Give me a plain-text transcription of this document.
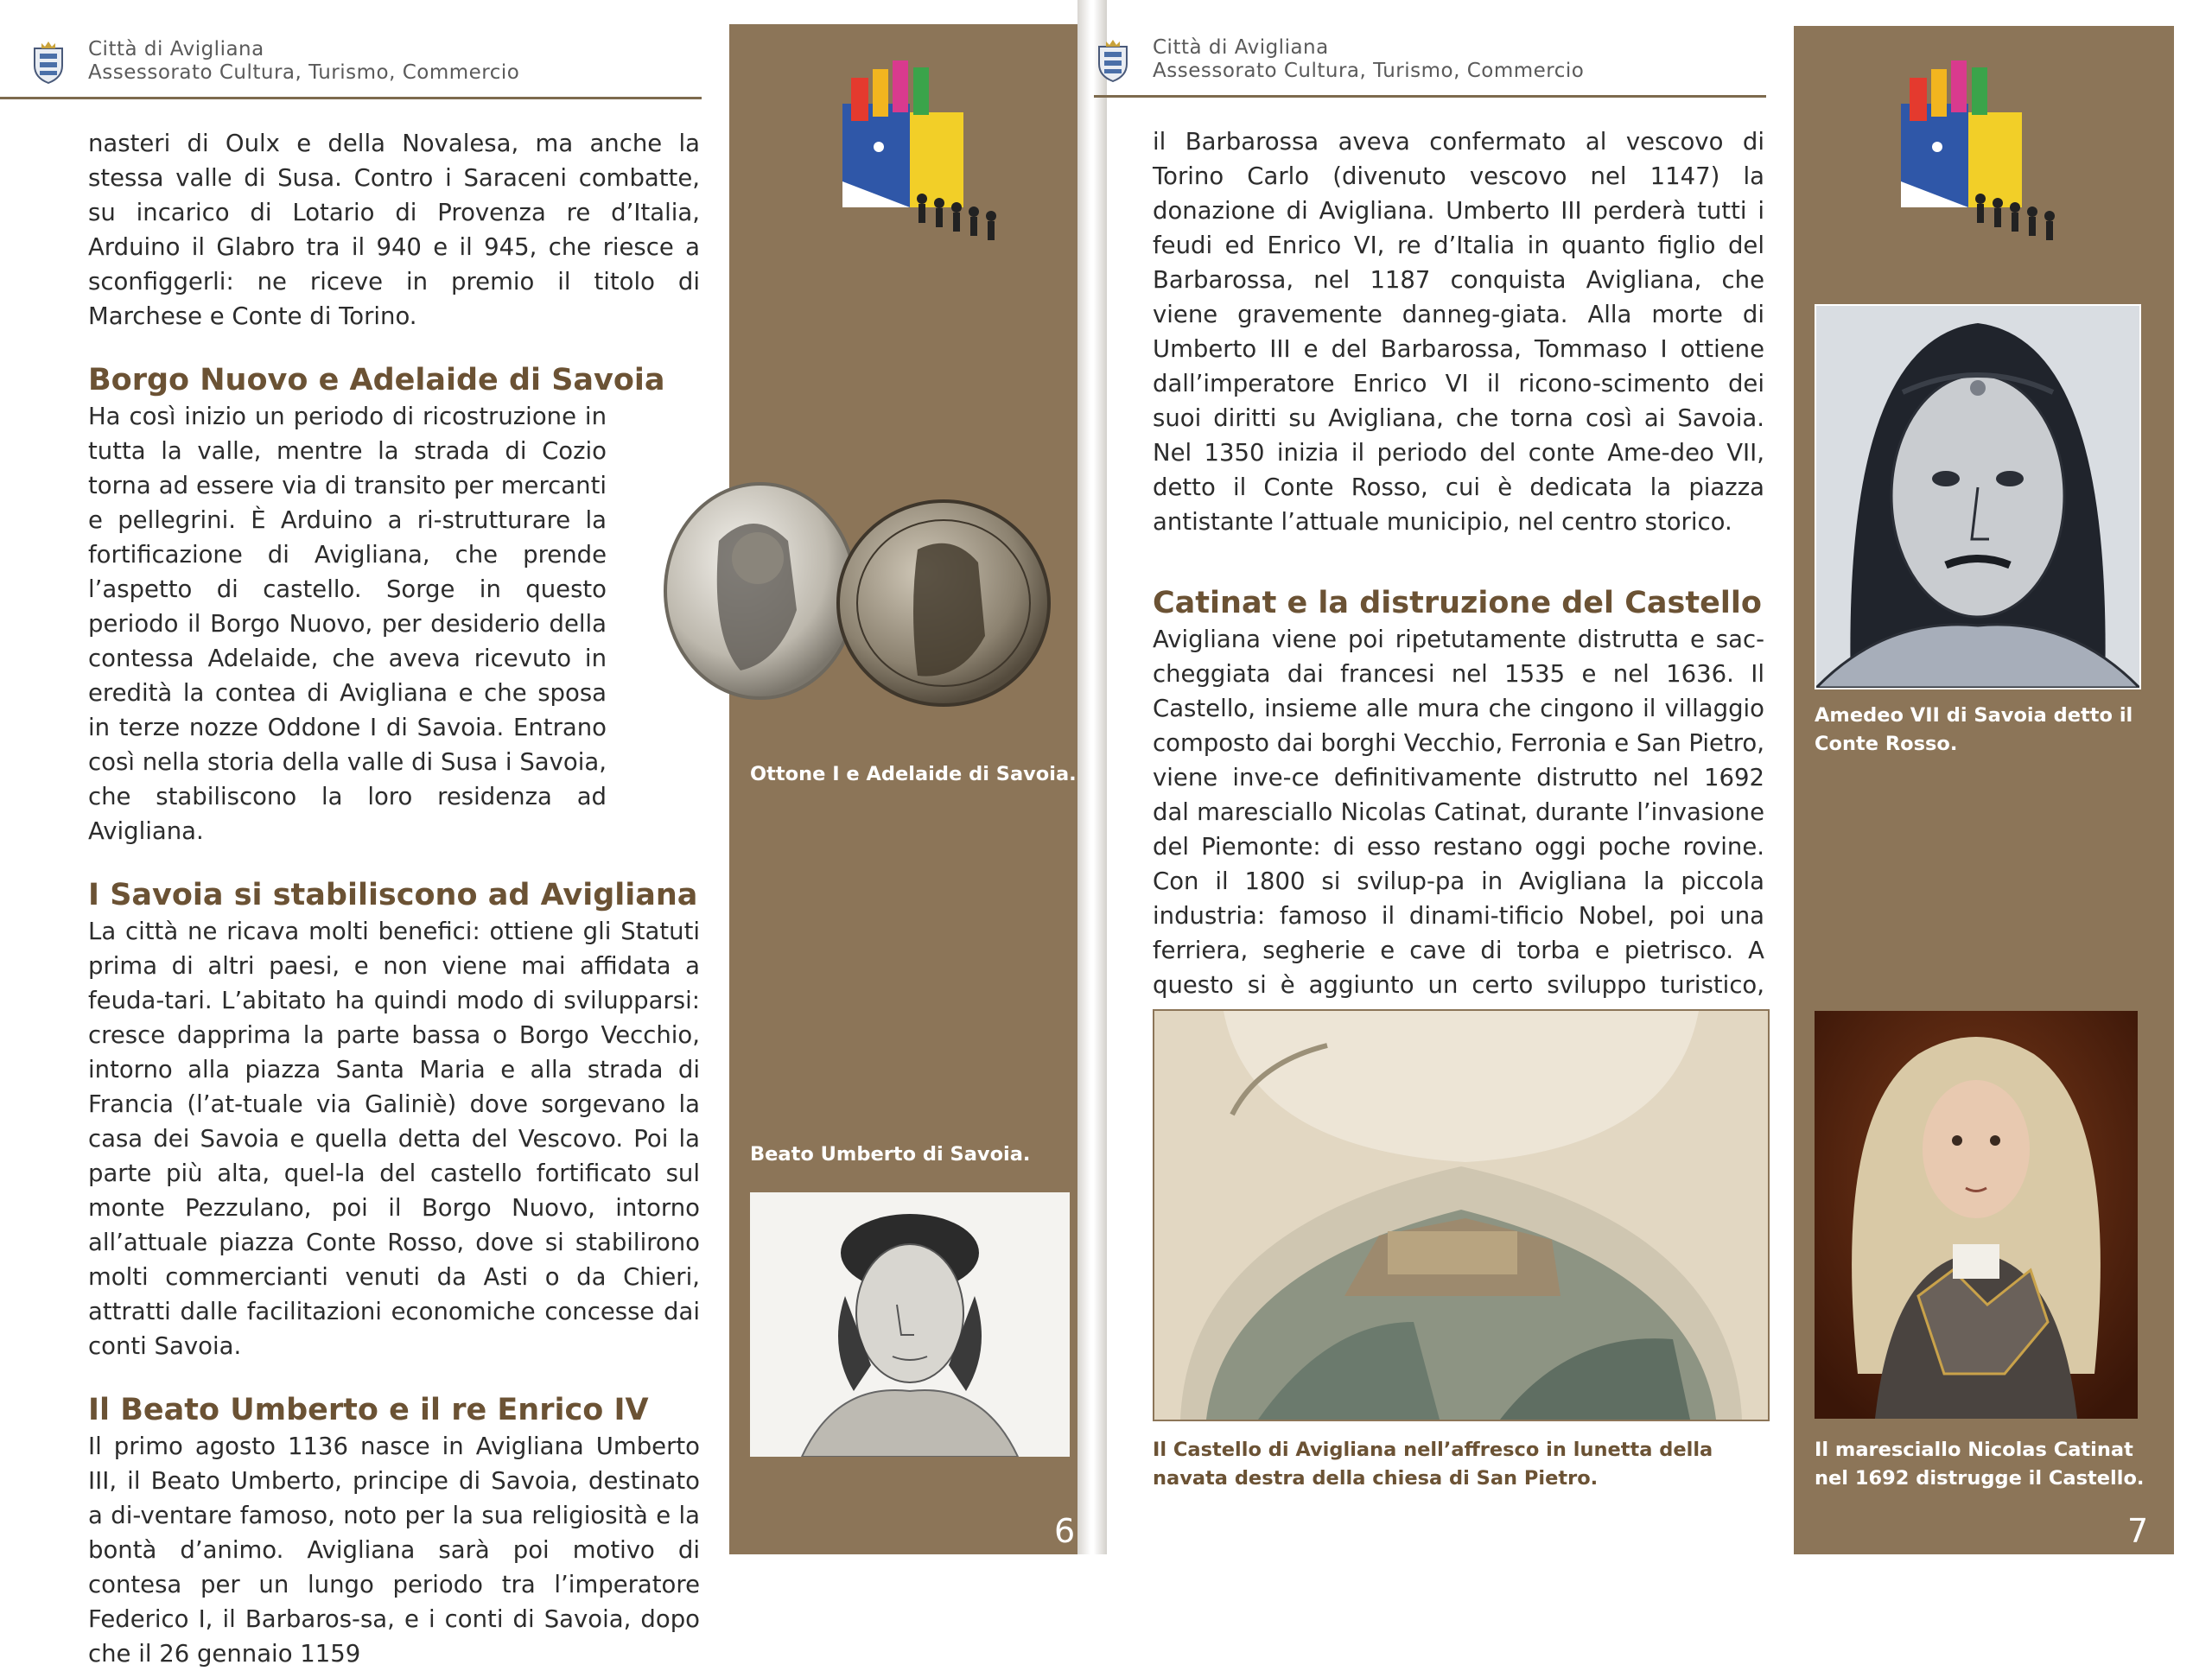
Città di Avigliana
Assessorato Cultura, Turismo, Commercio

nasteri di Oulx e della Novalesa, ma anche la stessa valle di Susa. Contro i Saraceni combatte, su incarico di Lotario di Provenza re d’Italia, Arduino il Glabro tra il 940 e il 945, che riesce a sconfiggerli: ne riceve in premio il titolo di Marchese e Conte di Torino.

Borgo Nuovo e Adelaide di Savoia

Ha così inizio un periodo di ricostruzione in tutta la valle, mentre la strada di Cozio torna ad essere via di transito per mercanti e pellegrini. È Arduino a ri-strutturare la fortificazione di Avigliana, che prende l’aspetto di castello. Sorge in questo periodo il Borgo Nuovo, per desiderio della contessa Adelaide, che aveva ricevuto in eredità la contea di Avigliana e che sposa in terze nozze Oddone I di Savoia. Entrano così nella storia della valle di Susa i Savoia, che stabiliscono la loro residenza ad Avigliana.

I Savoia si stabiliscono ad Avigliana

La città ne ricava molti benefici: ottiene gli Statuti prima di altri paesi, e non viene mai affidata a feuda-tari. L’abitato ha quindi modo di svilupparsi: cresce dapprima la parte bassa o Borgo Vecchio, intorno alla piazza Santa Maria e alla strada di Francia (l’at-tuale via Galiniè) dove sorgevano la casa dei Savoia e quella detta del Vescovo. Poi la parte più alta, quel-la del castello fortificato sul monte Pezzulano, poi il Borgo Nuovo, intorno all’attuale piazza Conte Rosso, dove si stabilirono molti commercianti venuti da Asti o da Chieri, attratti dalle facilitazioni economiche concesse dai conti Savoia.

Il Beato Umberto e il re Enrico IV

Il primo agosto 1136 nasce in Avigliana Umberto III, il Beato Umberto, principe di Savoia, destinato a di-ventare famoso, noto per la sua religiosità e la bontà d’animo. Avigliana sarà poi motivo di contesa per un lungo periodo tra l’imperatore Federico I, il Barbaros-sa, e i conti di Savoia, dopo che il 26 gennaio 1159

Ottone I e Adelaide di Savoia.
Beato Umberto di Savoia.
6
Città di Avigliana
Assessorato Cultura, Turismo, Commercio

il Barbarossa aveva confermato al vescovo di Torino Carlo (divenuto vescovo nel 1147) la donazione di Avigliana. Umberto III perderà tutti i feudi ed Enrico VI, re d’Italia in quanto figlio del Barbarossa, nel 1187 conquista Avigliana, che viene gravemente danneg-giata. Alla morte di Umberto III e del Barbarossa, Tommaso I ottiene dall’imperatore Enrico VI il ricono-scimento dei suoi diritti su Avigliana, che torna così ai Savoia. Nel 1350 inizia il periodo del conte Ame-deo VII, detto il Conte Rosso, cui è dedicata la piazza antistante l’attuale municipio, nel centro storico.

Catinat e la distruzione del Castello

Avigliana viene poi ripetutamente distrutta e sac-cheggiata dai francesi nel 1535 e nel 1636. Il Castello, insieme alle mura che cingono il villaggio composto dai borghi Vecchio, Ferronia e San Pietro, viene inve-ce definitivamente distrutto nel 1692 dal maresciallo Nicolas Catinat, durante l’invasione del Piemonte: di esso restano oggi poche rovine. Con il 1800 si svilup-pa in Avigliana la piccola industria: famoso il dinami-tificio Nobel, poi una ferriera, segherie e cave di torba e pietrisco. A questo si è aggiunto un certo sviluppo turistico,

Il Castello di Avigliana nell’affresco in lunetta della navata destra della chiesa di San Pietro.
Amedeo VII di Savoia detto il Conte Rosso.
Il maresciallo Nicolas Catinat nel 1692 distrugge il Castello.
7
